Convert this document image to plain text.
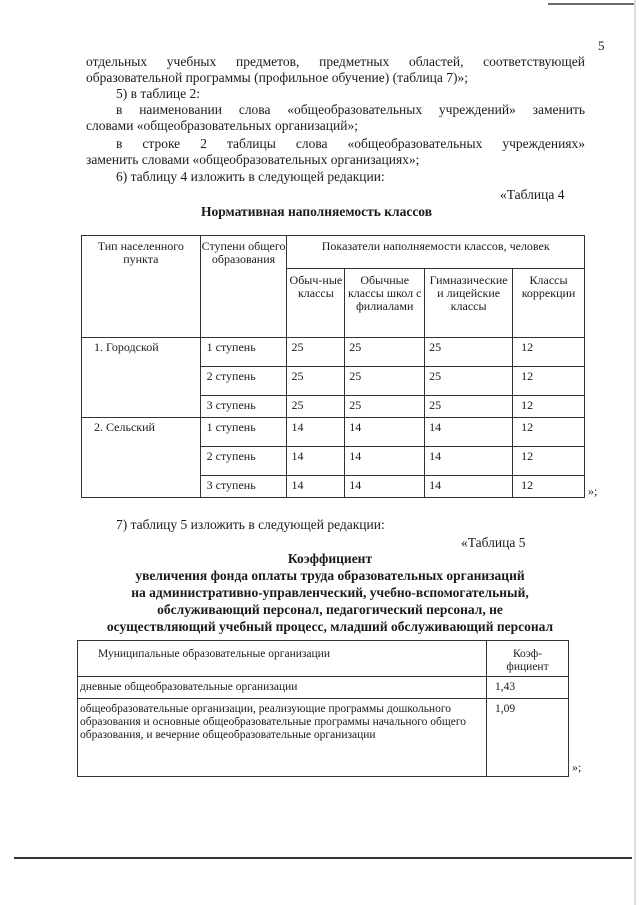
5
отдельных учебных предметов, предметных областей, соответствующей
образовательной программы (профильное обучение) (таблица 7)»;
5) в таблице 2:
в наименовании слова «общеобразовательных учреждений» заменить
словами «общеобразовательных организаций»;
в строке 2 таблицы слова «общеобразовательных учреждениях»
заменить словами «общеобразовательных организациях»;
6) таблицу 4 изложить в следующей редакции:
«Таблица 4
Нормативная наполняемость классов
Тип населенного пункта	Ступени общего образования	Показатели наполняемости классов, человек			
		Обыч-ные классы	Обычные классы школ с филиалами	Гимназические и лицейские классы	Классы коррекции
1. Городской	1 ступень	25	25	25	12
	2 ступень	25	25	25	12
	3 ступень	25	25	25	12
2. Сельский	1 ступень	14	14	14	12
	2 ступень	14	14	14	12
	3 ступень	14	14	14	12	»;
7) таблицу 5 изложить в следующей редакции:
«Таблица 5
Коэффициент
увеличения фонда оплаты труда образовательных организаций
на административно-управленческий, учебно-вспомогательный,
обслуживающий персонал, педагогический персонал, не
осуществляющий учебный процесс, младший обслуживающий персонал
Муниципальные образовательные организации	Коэф-фициент
дневные общеобразовательные организации	1,43
общеобразовательные организации, реализующие программы дошкольного образования и основные общеобразовательные программы начального общего образования, и вечерние общеобразовательные организации	1,09
»;
